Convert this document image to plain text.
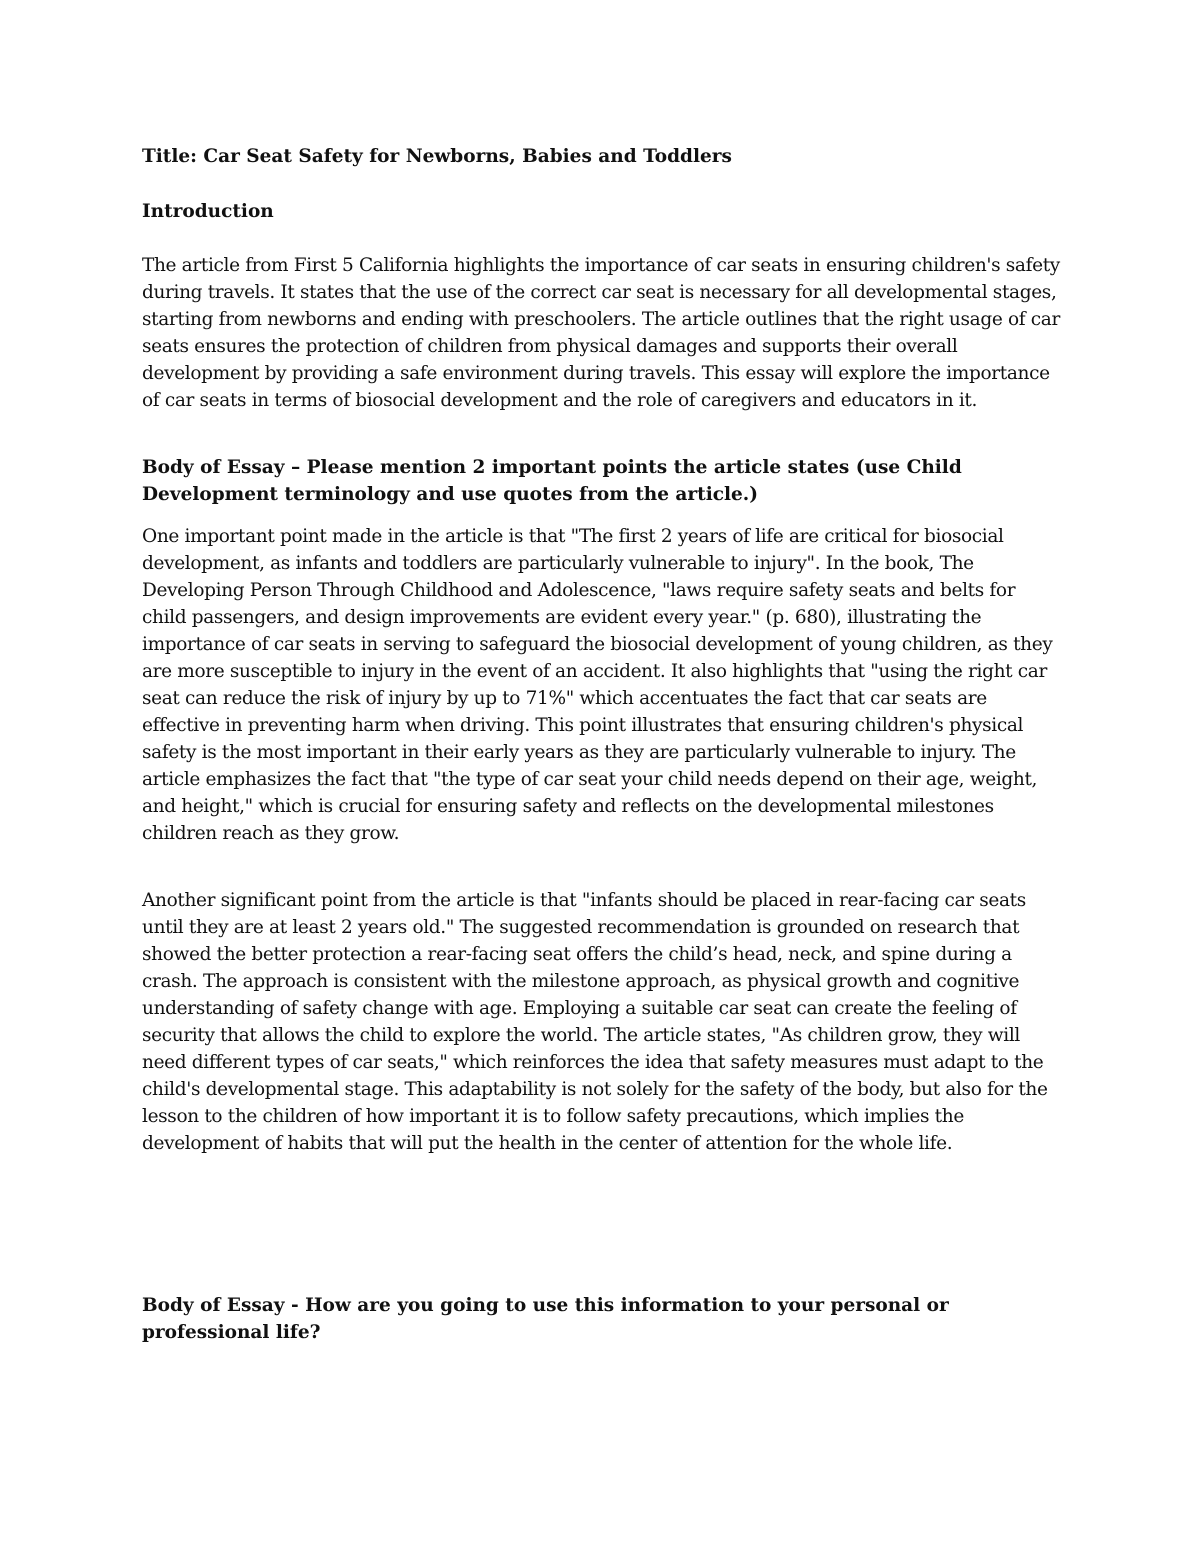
Title: Car Seat Safety for Newborns, Babies and Toddlers
Introduction

The article from First 5 California highlights the importance of car seats in ensuring children's safety during travels. It states that the use of the correct car seat is necessary for all developmental stages, starting from newborns and ending with preschoolers. The article outlines that the right usage of car seats ensures the protection of children from physical damages and supports their overall development by providing a safe environment during travels. This essay will explore the importance of car seats in terms of biosocial development and the role of caregivers and educators in it.

Body of Essay – Please mention 2 important points the article states (use Child Development terminology and use quotes from the article.)

One important point made in the article is that "The first 2 years of life are critical for biosocial development, as infants and toddlers are particularly vulnerable to injury". In the book, The Developing Person Through Childhood and Adolescence, "laws require safety seats and belts for child passengers, and design improvements are evident every year." (p. 680), illustrating the importance of car seats in serving to safeguard the biosocial development of young children, as they are more susceptible to injury in the event of an accident. It also highlights that "using the right car seat can reduce the risk of injury by up to 71%" which accentuates the fact that car seats are effective in preventing harm when driving. This point illustrates that ensuring children's physical safety is the most important in their early years as they are particularly vulnerable to injury. The article emphasizes the fact that "the type of car seat your child needs depend on their age, weight, and height," which is crucial for ensuring safety and reflects on the developmental milestones children reach as they grow.

Another significant point from the article is that "infants should be placed in rear-facing car seats until they are at least 2 years old." The suggested recommendation is grounded on research that showed the better protection a rear-facing seat offers the child’s head, neck, and spine during a crash. The approach is consistent with the milestone approach, as physical growth and cognitive understanding of safety change with age. Employing a suitable car seat can create the feeling of security that allows the child to explore the world. The article states, "As children grow, they will need different types of car seats," which reinforces the idea that safety measures must adapt to the child's developmental stage. This adaptability is not solely for the safety of the body, but also for the lesson to the children of how important it is to follow safety precautions, which implies the development of habits that will put the health in the center of attention for the whole life.

Body of Essay - How are you going to use this information to your personal or professional life?
